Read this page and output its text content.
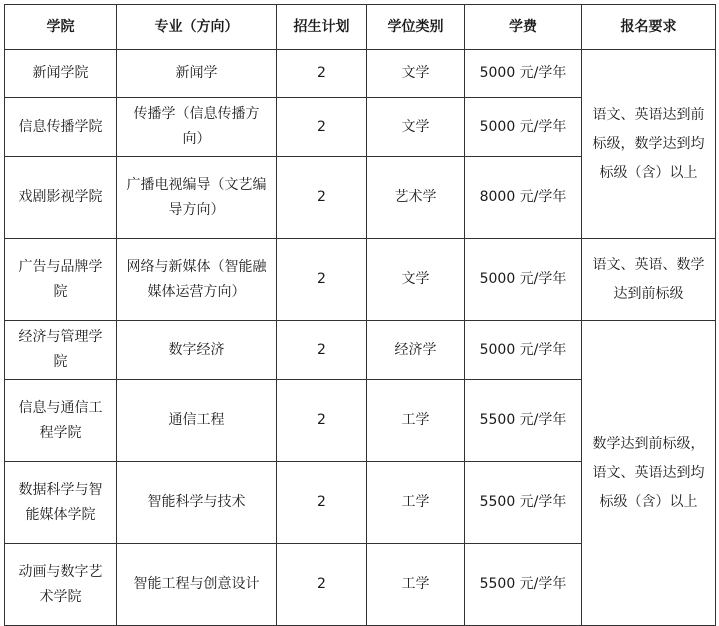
学院	专业（方向）	招生计划	学位类别	学费	报名要求
新闻学院	新闻学	2	文学	5000 元/学年	语文、英语达到前标级，数学达到均标级（含）以上
信息传播学院	传播学（信息传播方向）	2	文学	5000 元/学年	
戏剧影视学院	广播电视编导（文艺编导方向）	2	艺术学	8000 元/学年	
广告与品牌学院	网络与新媒体（智能融媒体运营方向）	2	文学	5000 元/学年	语文、英语、数学达到前标级
经济与管理学院	数字经济	2	经济学	5000 元/学年	数学达到前标级，语文、英语达到均标级（含）以上
信息与通信工程学院	通信工程	2	工学	5500 元/学年	
数据科学与智能媒体学院	智能科学与技术	2	工学	5500 元/学年	
动画与数字艺术学院	智能工程与创意设计	2	工学	5500 元/学年	
